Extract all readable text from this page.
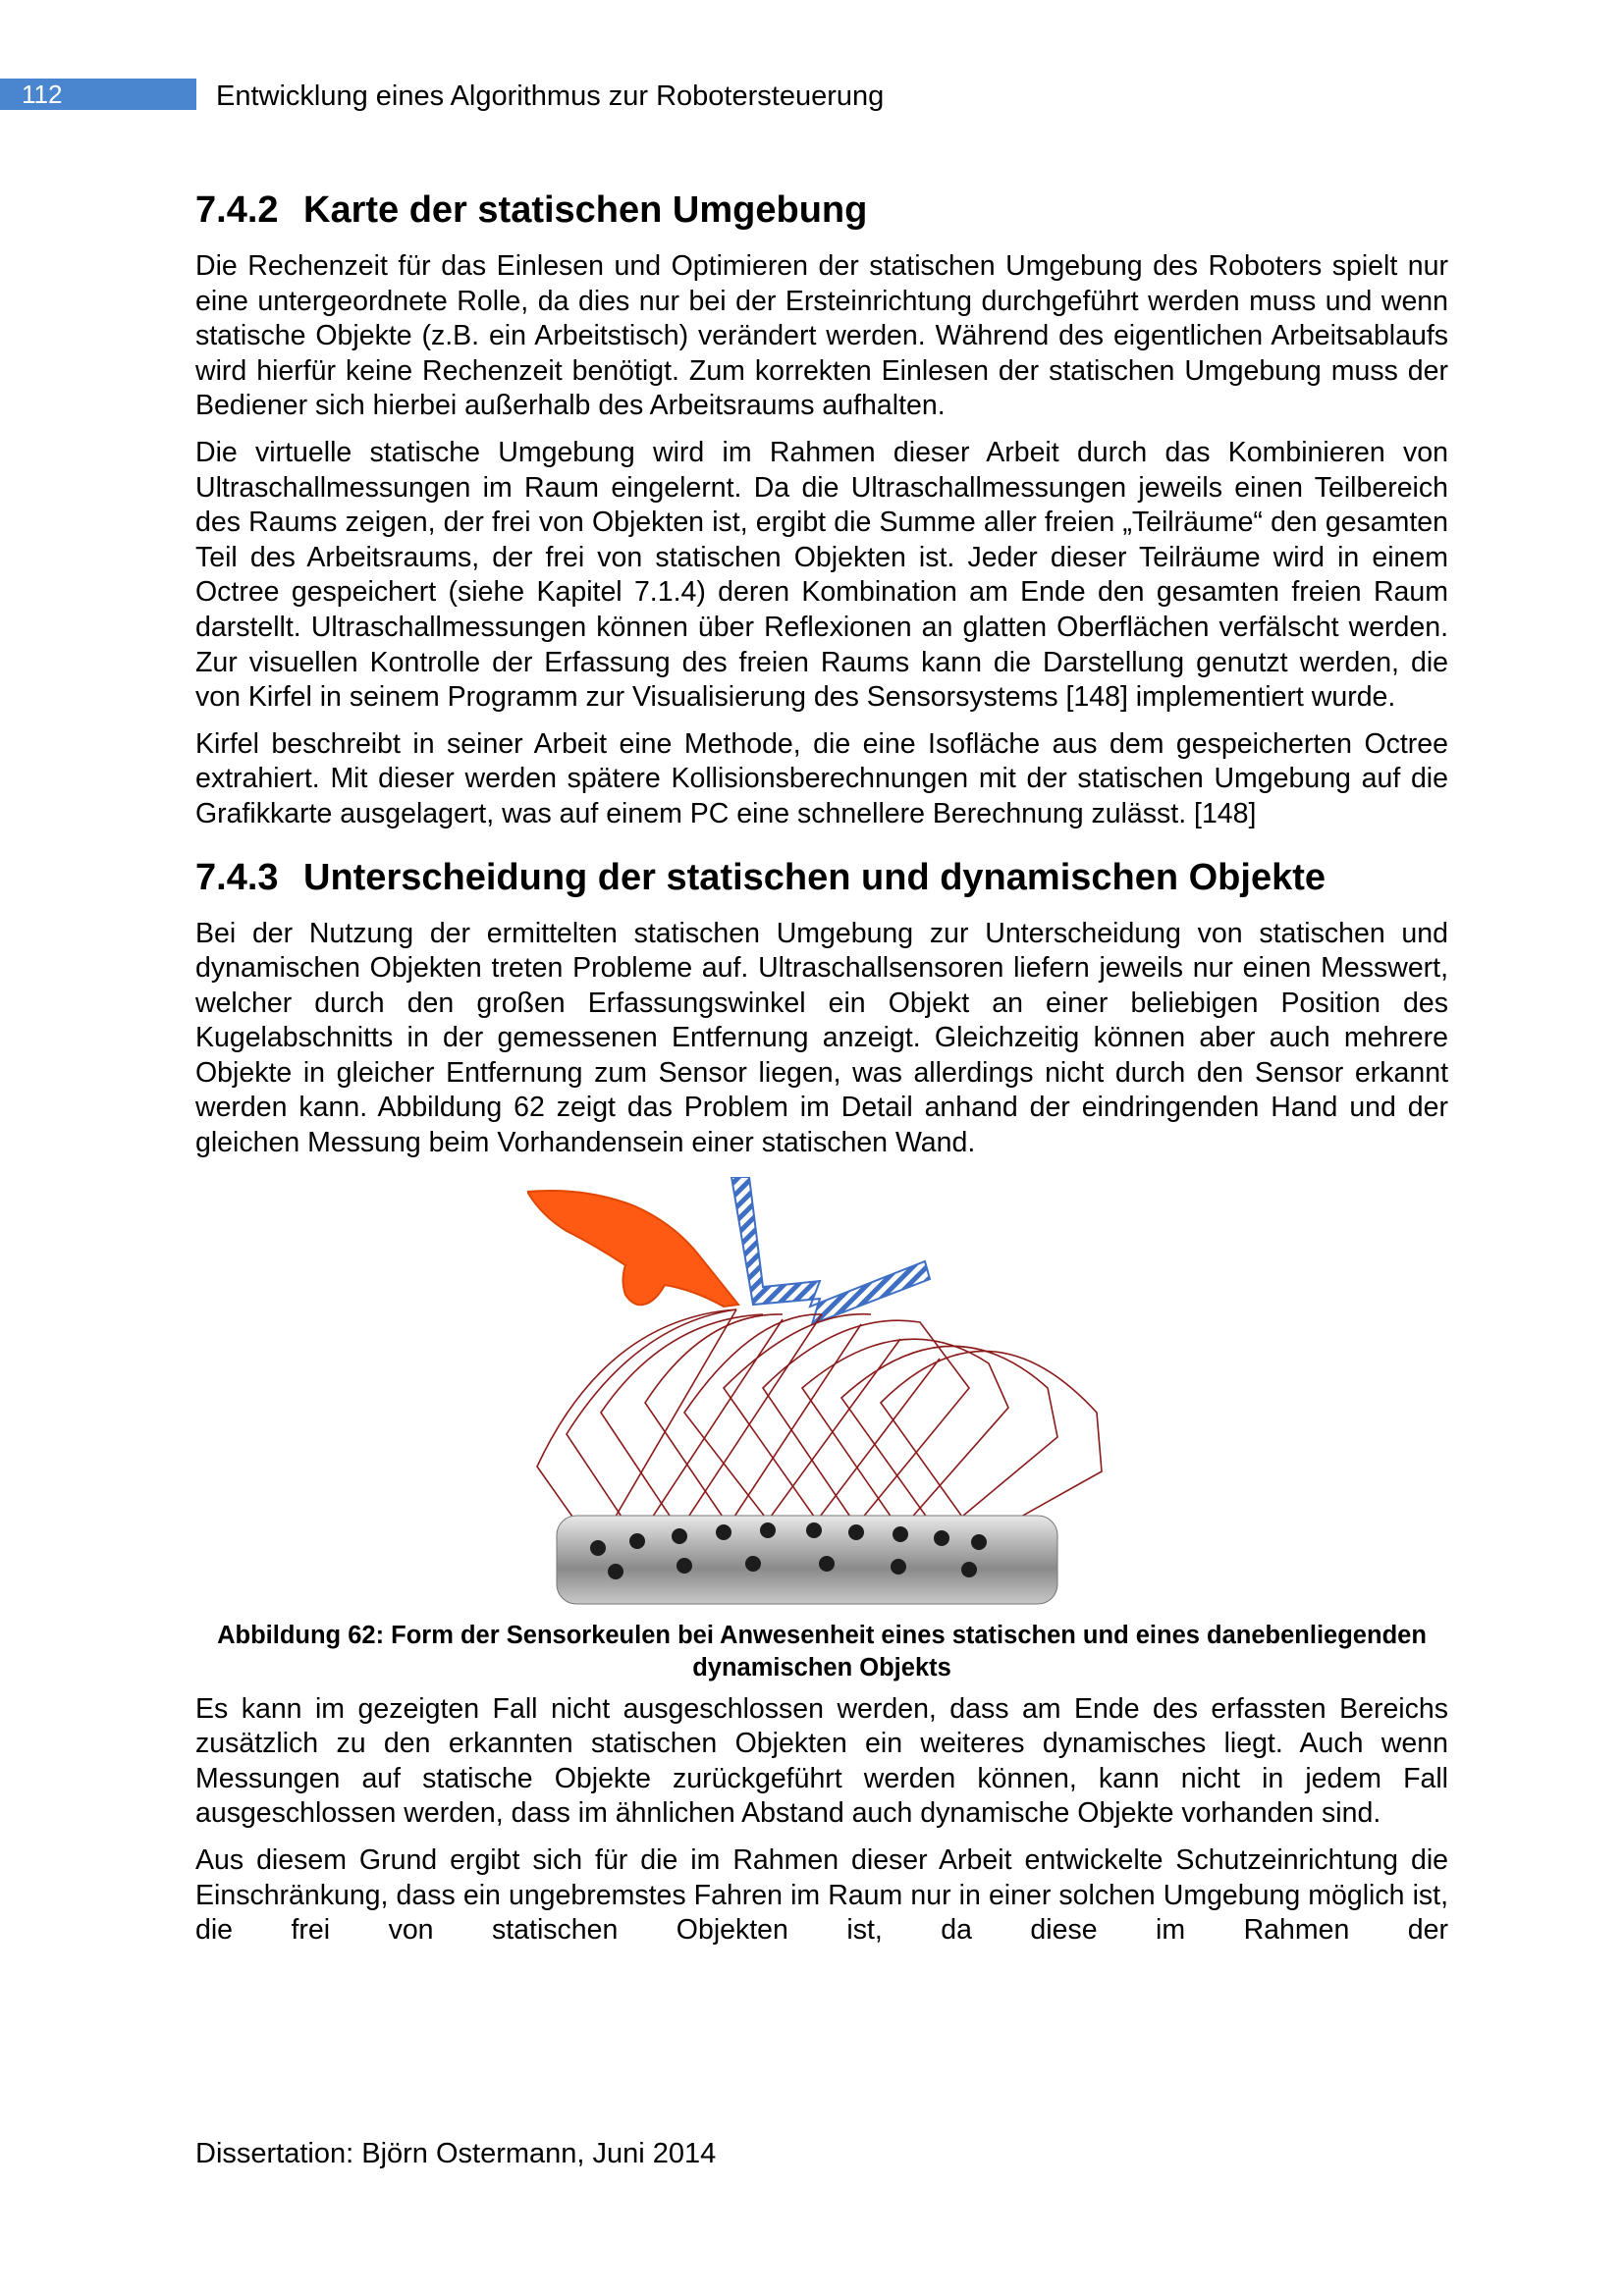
112	Entwicklung eines Algorithmus zur Robotersteuerung
7.4.2 Karte der statischen Umgebung

Die Rechenzeit für das Einlesen und Optimieren der statischen Umgebung des Roboters spielt nur eine untergeordnete Rolle, da dies nur bei der Ersteinrichtung durchgeführt werden muss und wenn statische Objekte (z.B. ein Arbeitstisch) verändert werden. Während des eigentlichen Arbeitsablaufs wird hierfür keine Rechenzeit benötigt. Zum korrekten Einlesen der statischen Umgebung muss der Bediener sich hierbei außerhalb des Arbeitsraums aufhalten.

Die virtuelle statische Umgebung wird im Rahmen dieser Arbeit durch das Kombinieren von Ultraschallmessungen im Raum eingelernt. Da die Ultraschallmessungen jeweils einen Teilbereich des Raums zeigen, der frei von Objekten ist, ergibt die Summe aller freien „Teilräume“ den gesamten Teil des Arbeitsraums, der frei von statischen Objekten ist. Jeder dieser Teilräume wird in einem Octree gespeichert (siehe Kapitel 7.1.4) deren Kombination am Ende den gesamten freien Raum darstellt. Ultraschallmessungen können über Reflexionen an glatten Oberflächen verfälscht werden. Zur visuellen Kontrolle der Erfassung des freien Raums kann die Darstellung genutzt werden, die von Kirfel in seinem Programm zur Visualisierung des Sensorsystems [148] implementiert wurde.

Kirfel beschreibt in seiner Arbeit eine Methode, die eine Isofläche aus dem gespeicherten Octree extrahiert. Mit dieser werden spätere Kollisionsberechnungen mit der statischen Umgebung auf die Grafikkarte ausgelagert, was auf einem PC eine schnellere Berechnung zulässt. [148]

7.4.3 Unterscheidung der statischen und dynamischen Objekte

Bei der Nutzung der ermittelten statischen Umgebung zur Unterscheidung von statischen und dynamischen Objekten treten Probleme auf. Ultraschallsensoren liefern jeweils nur einen Messwert, welcher durch den großen Erfassungswinkel ein Objekt an einer beliebigen Position des Kugelabschnitts in der gemessenen Entfernung anzeigt. Gleichzeitig können aber auch mehrere Objekte in gleicher Entfernung zum Sensor liegen, was allerdings nicht durch den Sensor erkannt werden kann. Abbildung 62 zeigt das Problem im Detail anhand der eindringenden Hand und der gleichen Messung beim Vorhandensein einer statischen Wand.

Abbildung 62: Form der Sensorkeulen bei Anwesenheit eines statischen und eines danebenliegenden dynamischen Objekts

Es kann im gezeigten Fall nicht ausgeschlossen werden, dass am Ende des erfassten Bereichs zusätzlich zu den erkannten statischen Objekten ein weiteres dynamisches liegt. Auch wenn Messungen auf statische Objekte zurückgeführt werden können, kann nicht in jedem Fall ausgeschlossen werden, dass im ähnlichen Abstand auch dynamische Objekte vorhanden sind.

Aus diesem Grund ergibt sich für die im Rahmen dieser Arbeit entwickelte Schutzeinrichtung die Einschränkung, dass ein ungebremstes Fahren im Raum nur in einer solchen Umgebung möglich ist, die frei von statischen Objekten ist, da diese im Rahmen der

Dissertation: Björn Ostermann, Juni 2014
